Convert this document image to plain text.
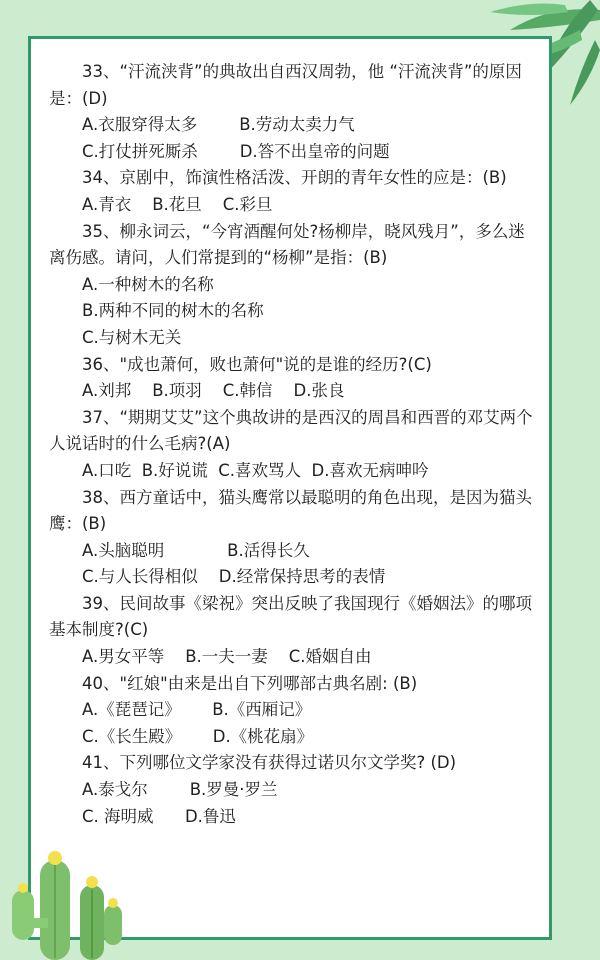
33、“汗流浃背”的典故出自西汉周勃，他 “汗流浃背”的原因是：(D)

A.衣服穿得太多        B.劳动太卖力气

C.打仗拼死厮杀        D.答不出皇帝的问题

34、京剧中，饰演性格活泼、开朗的青年女性的应是：(B)

A.青衣    B.花旦    C.彩旦

35、柳永词云，“今宵酒醒何处?杨柳岸，晓风残月”，多么迷离伤感。请问，人们常提到的“杨柳”是指：(B)

A.一种树木的名称

B.两种不同的树木的名称

C.与树木无关

36、"成也萧何，败也萧何"说的是谁的经历?(C)

A.刘邦    B.项羽    C.韩信    D.张良

37、“期期艾艾”这个典故讲的是西汉的周昌和西晋的邓艾两个人说话时的什么毛病?(A)

A.口吃  B.好说谎  C.喜欢骂人  D.喜欢无病呻吟

38、西方童话中，猫头鹰常以最聪明的角色出现，是因为猫头鹰：(B)

A.头脑聪明            B.活得长久

C.与人长得相似    D.经常保持思考的表情

39、民间故事《梁祝》突出反映了我国现行《婚姻法》的哪项基本制度?(C)

A.男女平等    B.一夫一妻    C.婚姻自由

40、"红娘"由来是出自下列哪部古典名剧: (B)

A.《琵琶记》      B.《西厢记》

C.《长生殿》      D.《桃花扇》

41、下列哪位文学家没有获得过诺贝尔文学奖? (D)

A.泰戈尔        B.罗曼·罗兰

C. 海明威      D.鲁迅
